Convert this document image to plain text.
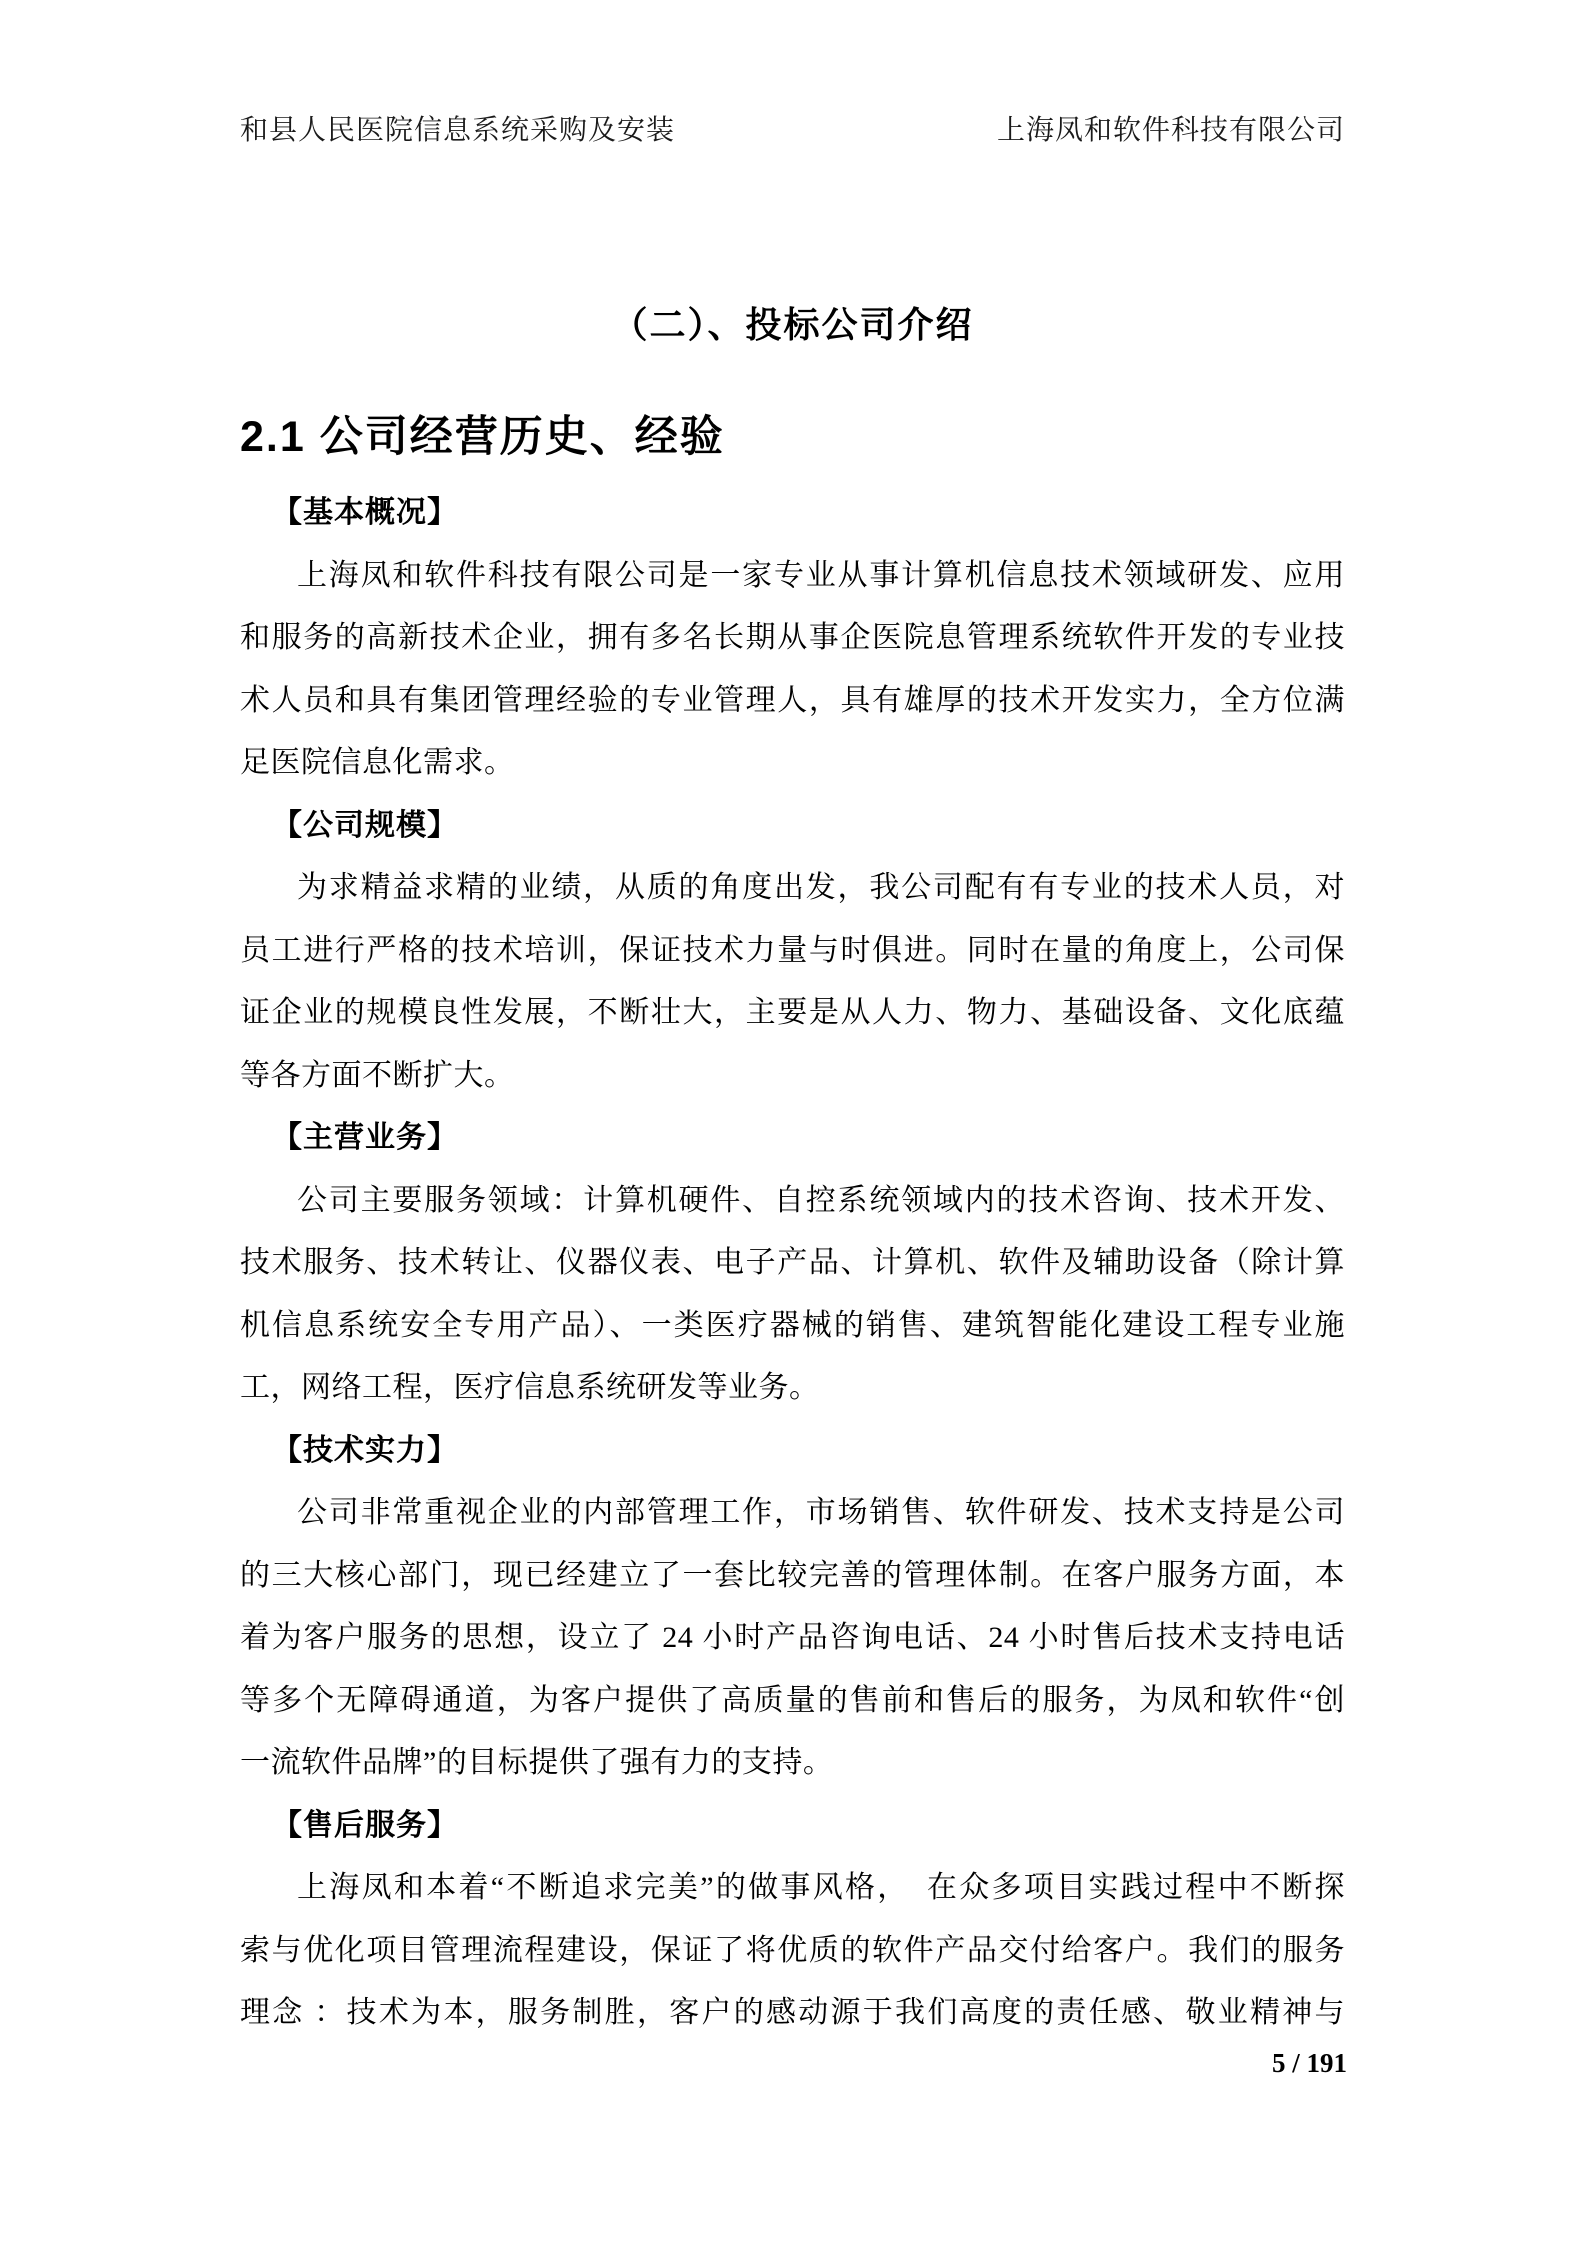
和县人民医院信息系统采购及安装	上海凤和软件科技有限公司
（二）、投标公司介绍
2.1 公司经营历史、经验
【基本概况】
上海凤和软件科技有限公司是一家专业从事计算机信息技术领域研发、应用
和服务的高新技术企业，拥有多名长期从事企医院息管理系统软件开发的专业技
术人员和具有集团管理经验的专业管理人，具有雄厚的技术开发实力，全方位满
足医院信息化需求。
【公司规模】
为求精益求精的业绩，从质的角度出发，我公司配有有专业的技术人员，对
员工进行严格的技术培训，保证技术力量与时俱进。同时在量的角度上，公司保
证企业的规模良性发展，不断壮大，主要是从人力、物力、基础设备、文化底蕴
等各方面不断扩大。
【主营业务】
公司主要服务领域：计算机硬件、自控系统领域内的技术咨询、技术开发、
技术服务、技术转让、仪器仪表、电子产品、计算机、软件及辅助设备（除计算
机信息系统安全专用产品）、一类医疗器械的销售、建筑智能化建设工程专业施
工，网络工程，医疗信息系统研发等业务。
【技术实力】
公司非常重视企业的内部管理工作，市场销售、软件研发、技术支持是公司
的三大核心部门，现已经建立了一套比较完善的管理体制。在客户服务方面，本
着为客户服务的思想，设立了 24 小时产品咨询电话、24 小时售后技术支持电话
等多个无障碍通道，为客户提供了高质量的售前和售后的服务，为凤和软件“创
一流软件品牌”的目标提供了强有力的支持。
【售后服务】
上海凤和本着“不断追求完美”的做事风格，　在众多项目实践过程中不断探
索与优化项目管理流程建设，保证了将优质的软件产品交付给客户。我们的服务
理念 ：技术为本，服务制胜，客户的感动源于我们高度的责任感、敬业精神与
5 / 191
